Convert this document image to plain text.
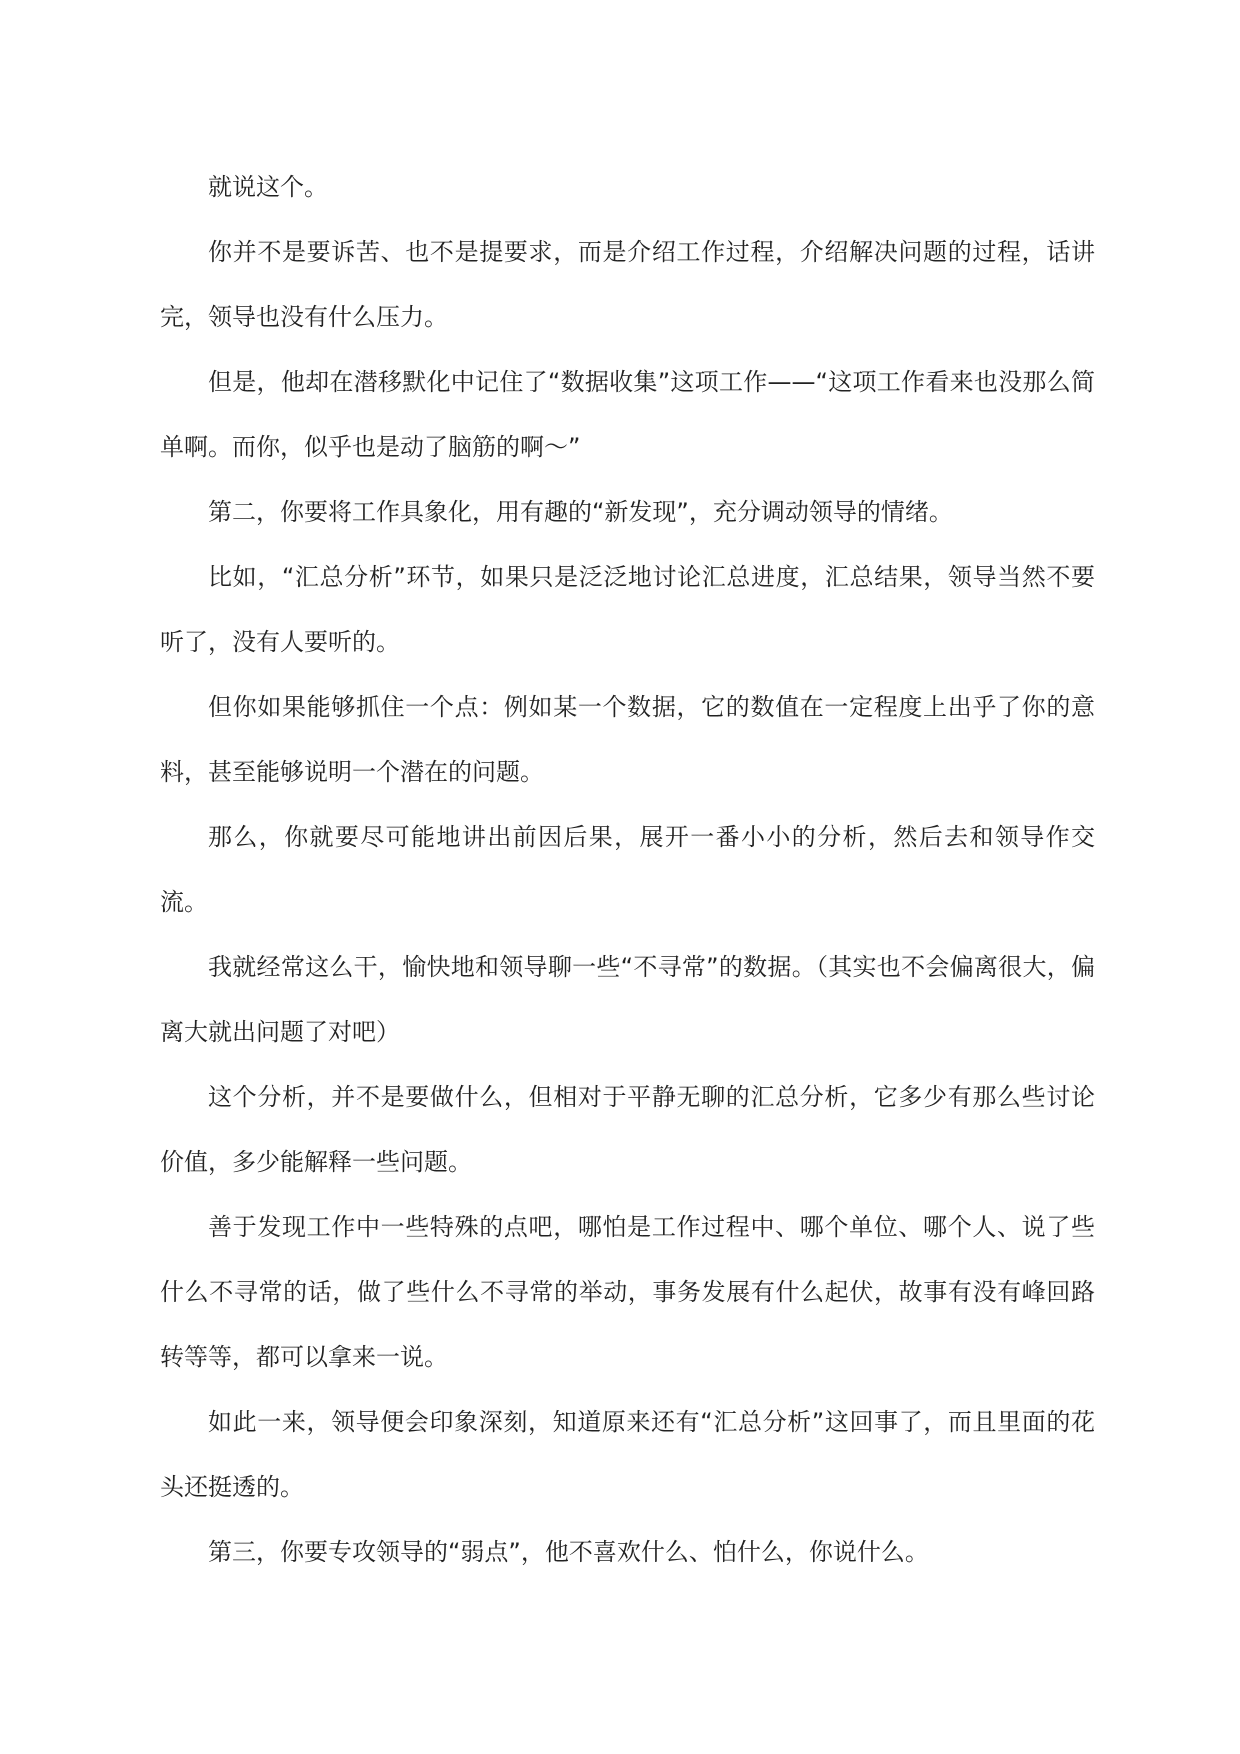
就说这个。

你并不是要诉苦、也不是提要求，而是介绍工作过程，介绍解决问题的过程，话讲完，领导也没有什么压力。

但是，他却在潜移默化中记住了“数据收集”这项工作——“这项工作看来也没那么简单啊。而你，似乎也是动了脑筋的啊～”

第二，你要将工作具象化，用有趣的“新发现”，充分调动领导的情绪。

比如，“汇总分析”环节，如果只是泛泛地讨论汇总进度，汇总结果，领导当然不要听了，没有人要听的。

但你如果能够抓住一个点：例如某一个数据，它的数值在一定程度上出乎了你的意料，甚至能够说明一个潜在的问题。

那么，你就要尽可能地讲出前因后果，展开一番小小的分析，然后去和领导作交流。

我就经常这么干，愉快地和领导聊一些“不寻常”的数据。（其实也不会偏离很大，偏离大就出问题了对吧）

这个分析，并不是要做什么，但相对于平静无聊的汇总分析，它多少有那么些讨论价值，多少能解释一些问题。

善于发现工作中一些特殊的点吧，哪怕是工作过程中、哪个单位、哪个人、说了些什么不寻常的话，做了些什么不寻常的举动，事务发展有什么起伏，故事有没有峰回路转等等，都可以拿来一说。

如此一来，领导便会印象深刻，知道原来还有“汇总分析”这回事了，而且里面的花头还挺透的。

第三，你要专攻领导的“弱点”，他不喜欢什么、怕什么，你说什么。
